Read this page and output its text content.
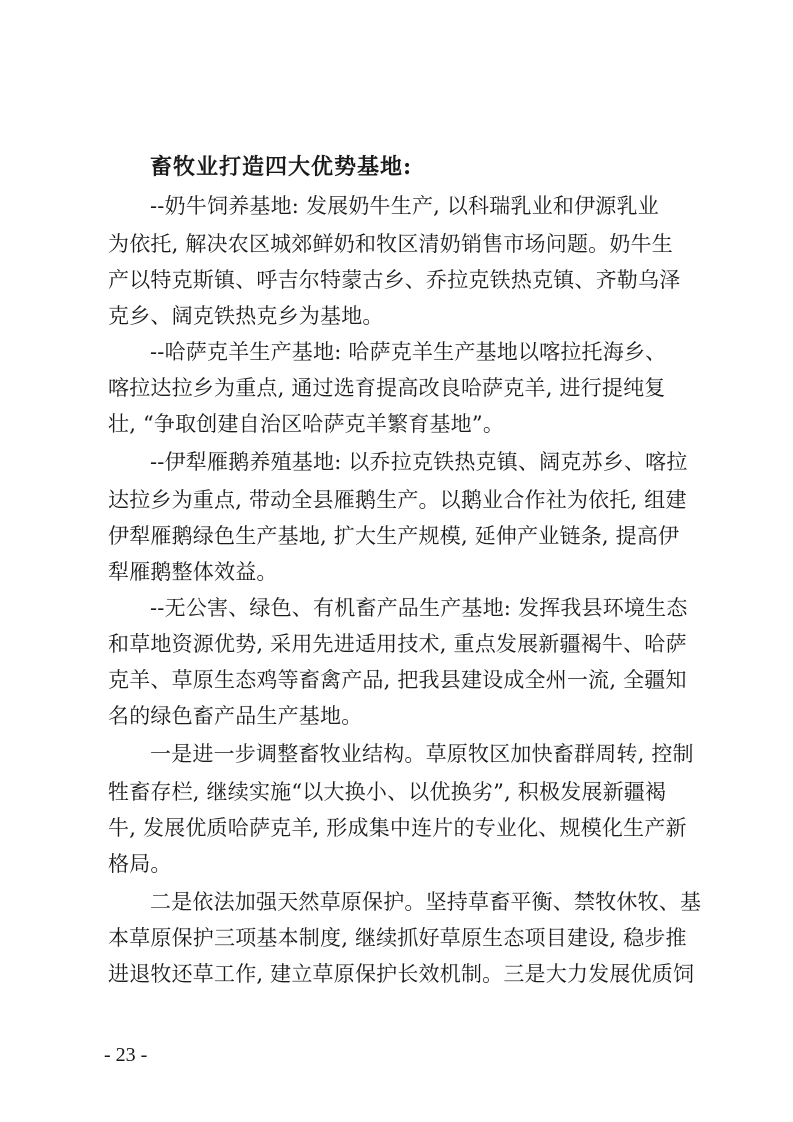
畜牧业打造四大优势基地:
--奶牛饲养基地: 发展奶牛生产, 以科瑞乳业和伊源乳业
为依托, 解决农区城郊鲜奶和牧区清奶销售市场问题。奶牛生
产以特克斯镇、呼吉尔特蒙古乡、乔拉克铁热克镇、齐勒乌泽
克乡、阔克铁热克乡为基地。
--哈萨克羊生产基地: 哈萨克羊生产基地以喀拉托海乡、
喀拉达拉乡为重点, 通过选育提高改良哈萨克羊, 进行提纯复
壮, “争取创建自治区哈萨克羊繁育基地”。
--伊犁雁鹅养殖基地: 以乔拉克铁热克镇、阔克苏乡、喀拉
达拉乡为重点, 带动全县雁鹅生产。以鹅业合作社为依托, 组建
伊犁雁鹅绿色生产基地, 扩大生产规模, 延伸产业链条, 提高伊
犁雁鹅整体效益。
--无公害、绿色、有机畜产品生产基地: 发挥我县环境生态
和草地资源优势, 采用先进适用技术, 重点发展新疆褐牛、哈萨
克羊、草原生态鸡等畜禽产品, 把我县建设成全州一流, 全疆知
名的绿色畜产品生产基地。
一是进一步调整畜牧业结构。草原牧区加快畜群周转, 控制
牲畜存栏, 继续实施“以大换小、以优换劣”, 积极发展新疆褐
牛, 发展优质哈萨克羊, 形成集中连片的专业化、规模化生产新
格局。
二是依法加强天然草原保护。坚持草畜平衡、禁牧休牧、基
本草原保护三项基本制度, 继续抓好草原生态项目建设, 稳步推
进退牧还草工作, 建立草原保护长效机制。三是大力发展优质饲
- 23 -
